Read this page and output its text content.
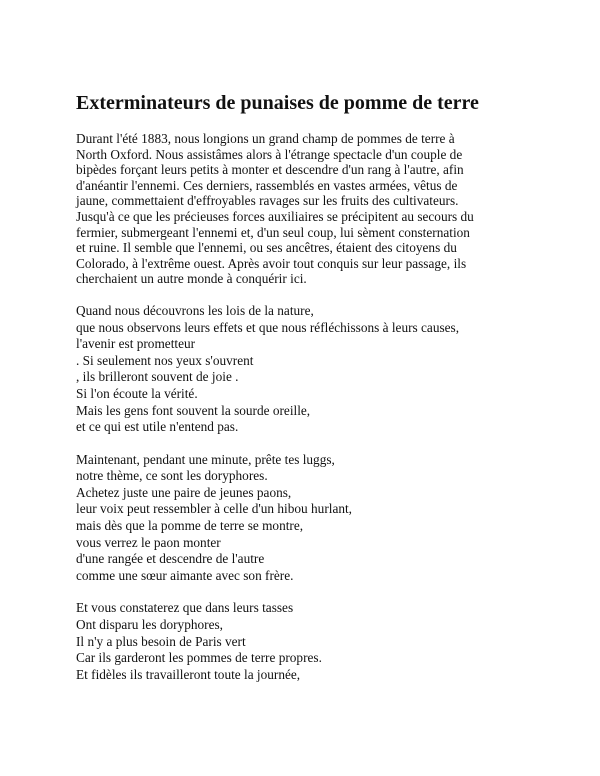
Exterminateurs de punaises de pomme de terre
Durant l'été 1883, nous longions un grand champ de pommes de terre à
North Oxford. Nous assistâmes alors à l'étrange spectacle d'un couple de
bipèdes forçant leurs petits à monter et descendre d'un rang à l'autre, afin
d'anéantir l'ennemi. Ces derniers, rassemblés en vastes armées, vêtus de
jaune, commettaient d'effroyables ravages sur les fruits des cultivateurs.
Jusqu'à ce que les précieuses forces auxiliaires se précipitent au secours du
fermier, submergeant l'ennemi et, d'un seul coup, lui sèment consternation
et ruine. Il semble que l'ennemi, ou ses ancêtres, étaient des citoyens du
Colorado, à l'extrême ouest. Après avoir tout conquis sur leur passage, ils
cherchaient un autre monde à conquérir ici.
Quand nous découvrons les lois de la nature,
que nous observons leurs effets et que nous réfléchissons à leurs causes,
l'avenir est prometteur
. Si seulement nos yeux s'ouvrent
, ils brilleront souvent de joie .
Si l'on écoute la vérité.
Mais les gens font souvent la sourde oreille,
et ce qui est utile n'entend pas.
Maintenant, pendant une minute, prête tes luggs,
notre thème, ce sont les doryphores.
Achetez juste une paire de jeunes paons,
leur voix peut ressembler à celle d'un hibou hurlant,
mais dès que la pomme de terre se montre,
vous verrez le paon monter
d'une rangée et descendre de l'autre
comme une sœur aimante avec son frère.
Et vous constaterez que dans leurs tasses
Ont disparu les doryphores,
Il n'y a plus besoin de Paris vert
Car ils garderont les pommes de terre propres.
Et fidèles ils travailleront toute la journée,
